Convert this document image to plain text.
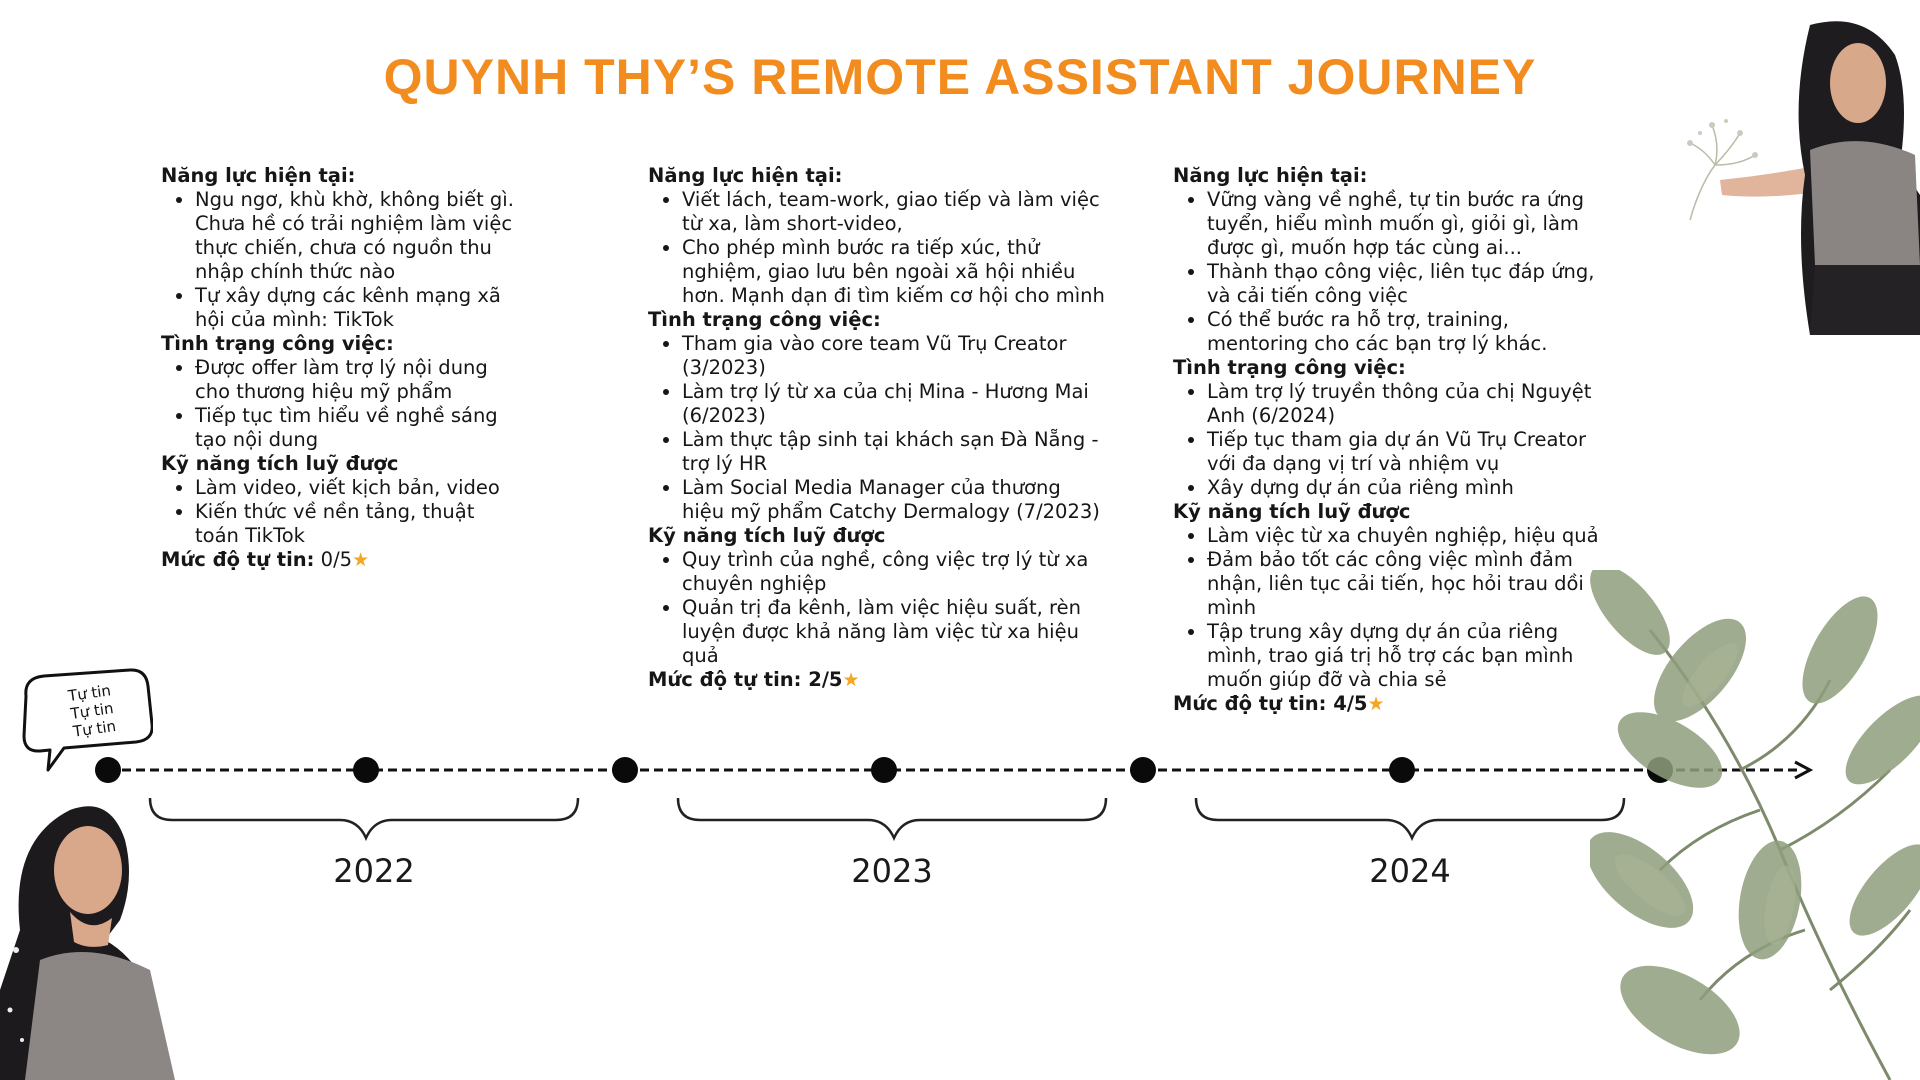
QUYNH THY’S REMOTE ASSISTANT JOURNEY

Năng lực hiện tại:

• Ngu ngơ, khù khờ, không biết gì. Chưa hề có trải nghiệm làm việc thực chiến, chưa có nguồn thu nhập chính thức nào
• Tự xây dựng các kênh mạng xã hội của mình: TikTok

Tình trạng công việc:

• Được offer làm trợ lý nội dung cho thương hiệu mỹ phẩm
• Tiếp tục tìm hiểu về nghề sáng tạo nội dung

Kỹ năng tích luỹ được

• Làm video, viết kịch bản, video
• Kiến thức về nền tảng, thuật toán TikTok

Mức độ tự tin: 0/5★

Năng lực hiện tại:

• Viết lách, team-work, giao tiếp và làm việc từ xa, làm short-video,
• Cho phép mình bước ra tiếp xúc, thử nghiệm, giao lưu bên ngoài xã hội nhiều hơn. Mạnh dạn đi tìm kiếm cơ hội cho mình

Tình trạng công việc:

• Tham gia vào core team Vũ Trụ Creator (3/2023)
• Làm trợ lý từ xa của chị Mina - Hương Mai (6/2023)
• Làm thực tập sinh tại khách sạn Đà Nẵng - trợ lý HR
• Làm Social Media Manager của thương hiệu mỹ phẩm Catchy Dermalogy (7/2023)

Kỹ năng tích luỹ được

• Quy trình của nghề, công việc trợ lý từ xa chuyên nghiệp
• Quản trị đa kênh, làm việc hiệu suất, rèn luyện được khả năng làm việc từ xa hiệu quả

Mức độ tự tin: 2/5★

Năng lực hiện tại:

• Vững vàng về nghề, tự tin bước ra ứng tuyển, hiểu mình muốn gì, giỏi gì, làm được gì, muốn hợp tác cùng ai...
• Thành thạo công việc, liên tục đáp ứng, và cải tiến công việc
• Có thể bước ra hỗ trợ, training, mentoring cho các bạn trợ lý khác.

Tình trạng công việc:

• Làm trợ lý truyền thông của chị Nguyệt Anh (6/2024)
• Tiếp tục tham gia dự án Vũ Trụ Creator với đa dạng vị trí và nhiệm vụ
• Xây dựng dự án của riêng mình

Kỹ năng tích luỹ được

• Làm việc từ xa chuyên nghiệp, hiệu quả
• Đảm bảo tốt các công việc mình đảm nhận, liên tục cải tiến, học hỏi trau dồi mình
• Tập trung xây dựng dự án của riêng mình, trao giá trị hỗ trợ các bạn mình muốn giúp đỡ và chia sẻ

Mức độ tự tin: 4/5★

2022	2023	2024
Tự tin
Tự tin
Tự tin
